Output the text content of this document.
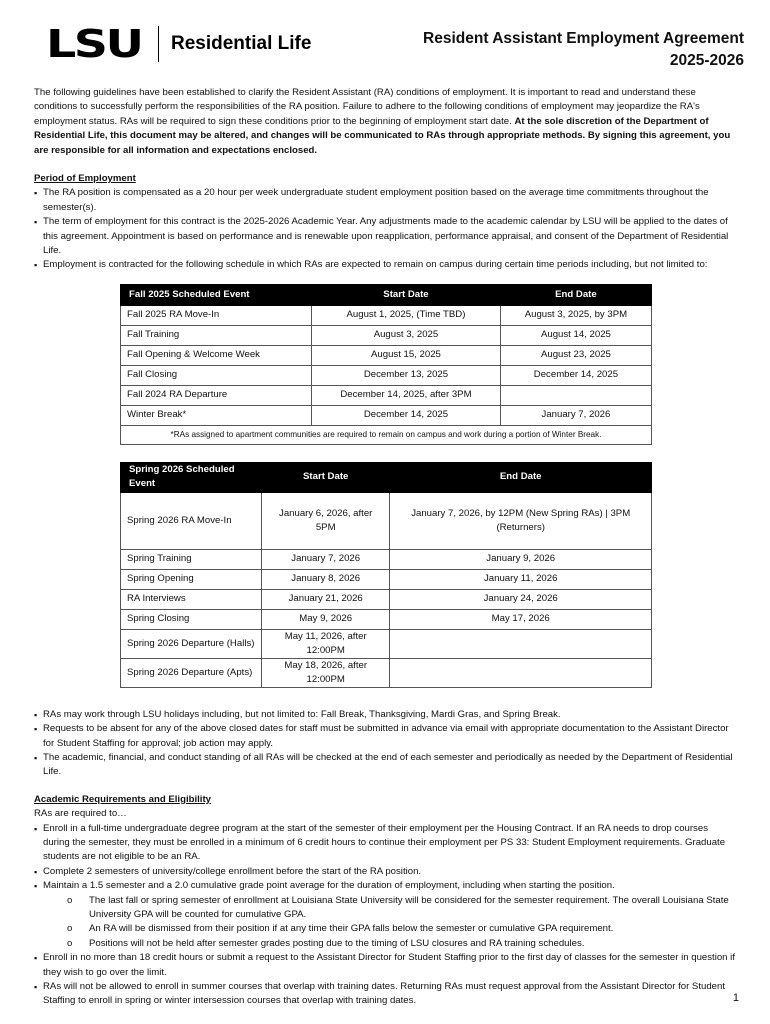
LSU	Residential Life	Resident Assistant Employment Agreement
2025-2026

The following guidelines have been established to clarify the Resident Assistant (RA) conditions of employment. It is important to read and understand these conditions to successfully perform the responsibilities of the RA position. Failure to adhere to the following conditions of employment may jeopardize the RA's employment status. RAs will be required to sign these conditions prior to the beginning of employment start date. At the sole discretion of the Department of Residential Life, this document may be altered, and changes will be communicated to RAs through appropriate methods. By signing this agreement, you are responsible for all information and expectations enclosed.

Period of Employment
▪ The RA position is compensated as a 20 hour per week undergraduate student employment position based on the average time commitments throughout the semester(s).
▪ The term of employment for this contract is the 2025-2026 Academic Year. Any adjustments made to the academic calendar by LSU will be applied to the dates of this agreement. Appointment is based on performance and is renewable upon reapplication, performance appraisal, and consent of the Department of Residential Life.
▪ Employment is contracted for the following schedule in which RAs are expected to remain on campus during certain time periods including, but not limited to:
Fall 2025 Scheduled Event	Start Date	End Date
Fall 2025 RA Move-In	August 1, 2025, (Time TBD)	August 3, 2025, by 3PM
Fall Training	August 3, 2025	August 14, 2025
Fall Opening & Welcome Week	August 15, 2025	August 23, 2025
Fall Closing	December 13, 2025	December 14, 2025
Fall 2024 RA Departure	December 14, 2025, after 3PM	
Winter Break*	December 14, 2025	January 7, 2026
*RAs assigned to apartment communities are required to remain on campus and work during a portion of Winter Break.		
Spring 2026 Scheduled Event	Start Date	End Date
Spring 2026 RA Move-In	January 6, 2026, after 5PM	January 7, 2026, by 12PM (New Spring RAs) | 3PM (Returners)
Spring Training	January 7, 2026	January 9, 2026
Spring Opening	January 8, 2026	January 11, 2026
RA Interviews	January 21, 2026	January 24, 2026
Spring Closing	May 9, 2026	May 17, 2026
Spring 2026 Departure (Halls)	May 11, 2026, after 12:00PM	
Spring 2026 Departure (Apts)	May 18, 2026, after 12:00PM	
▪ RAs may work through LSU holidays including, but not limited to: Fall Break, Thanksgiving, Mardi Gras, and Spring Break.
▪ Requests to be absent for any of the above closed dates for staff must be submitted in advance via email with appropriate documentation to the Assistant Director for Student Staffing for approval; job action may apply.
▪ The academic, financial, and conduct standing of all RAs will be checked at the end of each semester and periodically as needed by the Department of Residential Life.
Academic Requirements and Eligibility
RAs are required to…
▪ Enroll in a full-time undergraduate degree program at the start of the semester of their employment per the Housing Contract. If an RA needs to drop courses during the semester, they must be enrolled in a minimum of 6 credit hours to continue their employment per PS 33: Student Employment requirements. Graduate students are not eligible to be an RA.
▪ Complete 2 semesters of university/college enrollment before the start of the RA position.
▪ Maintain a 1.5 semester and a 2.0 cumulative grade point average for the duration of employment, including when starting the position.
o The last fall or spring semester of enrollment at Louisiana State University will be considered for the semester requirement. The overall Louisiana State University GPA will be counted for cumulative GPA.
o An RA will be dismissed from their position if at any time their GPA falls below the semester or cumulative GPA requirement.
o Positions will not be held after semester grades posting due to the timing of LSU closures and RA training schedules.
▪ Enroll in no more than 18 credit hours or submit a request to the Assistant Director for Student Staffing prior to the first day of classes for the semester in question if they wish to go over the limit.
▪ RAs will not be allowed to enroll in summer courses that overlap with training dates. Returning RAs must request approval from the Assistant Director for Student Staffing to enroll in spring or winter intersession courses that overlap with training dates.	1
